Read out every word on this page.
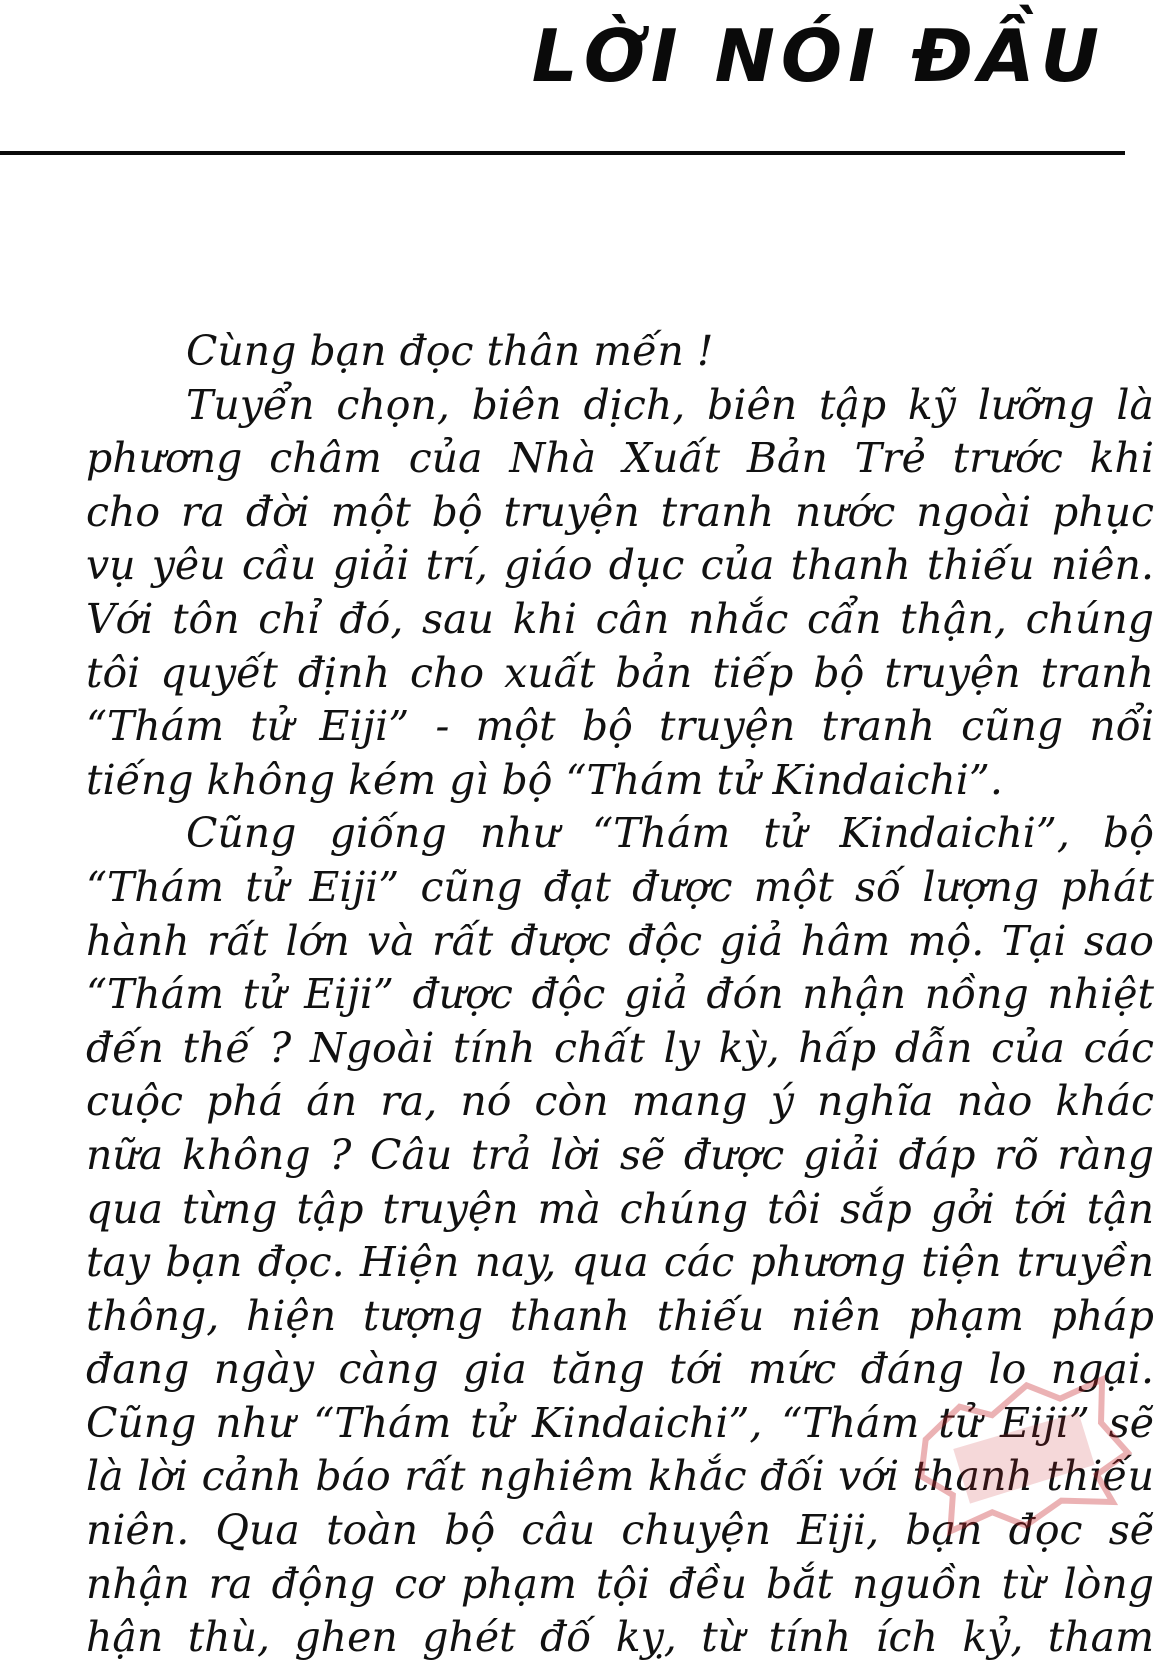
LỜI NÓI ĐẦU
Cùng bạn đọc thân mến !
Tuyển chọn, biên dịch, biên tập kỹ lưỡng là
phương châm của Nhà Xuất Bản Trẻ trước khi
cho ra đời một bộ truyện tranh nước ngoài phục
vụ yêu cầu giải trí, giáo dục của thanh thiếu niên.
Với tôn chỉ đó, sau khi cân nhắc cẩn thận, chúng
tôi quyết định cho xuất bản tiếp bộ truyện tranh
“Thám tử Eiji” - một bộ truyện tranh cũng nổi
tiếng không kém gì bộ “Thám tử Kindaichi”.
Cũng giống như “Thám tử Kindaichi”, bộ
“Thám tử Eiji” cũng đạt được một số lượng phát
hành rất lớn và rất được độc giả hâm mộ. Tại sao
“Thám tử Eiji” được độc giả đón nhận nồng nhiệt
đến thế ? Ngoài tính chất ly kỳ, hấp dẫn của các
cuộc phá án ra, nó còn mang ý nghĩa nào khác
nữa không ? Câu trả lời sẽ được giải đáp rõ ràng
qua từng tập truyện mà chúng tôi sắp gởi tới tận
tay bạn đọc. Hiện nay, qua các phương tiện truyền
thông, hiện tượng thanh thiếu niên phạm pháp
đang ngày càng gia tăng tới mức đáng lo ngại.
Cũng như “Thám tử Kindaichi”, “Thám tử Eiji” sẽ
là lời cảnh báo rất nghiêm khắc đối với thanh thiếu
niên. Qua toàn bộ câu chuyện Eiji, bạn đọc sẽ
nhận ra động cơ phạm tội đều bắt nguồn từ lòng
hận thù, ghen ghét đố kỵ, từ tính ích kỷ, tham
